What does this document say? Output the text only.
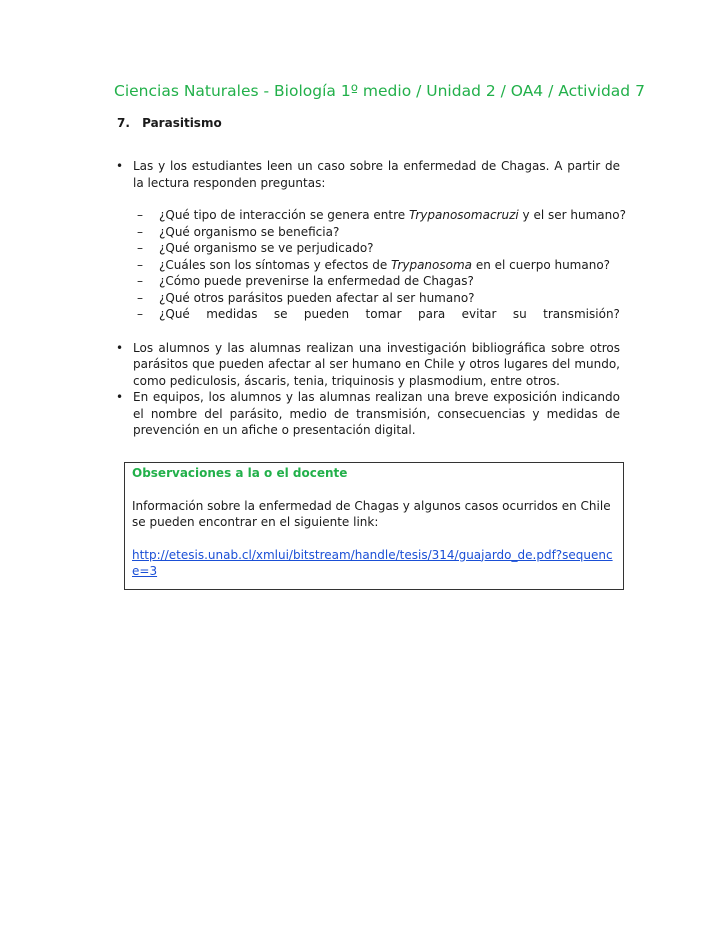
Ciencias Naturales - Biología 1º medio / Unidad 2 / OA4 / Actividad 7
7. Parasitismo
• Las y los estudiantes leen un caso sobre la enfermedad de Chagas. A partir de la lectura responden preguntas:
– ¿Qué tipo de interacción se genera entre Trypanosomacruzi y el ser humano?
– ¿Qué organismo se beneficia?
– ¿Qué organismo se ve perjudicado?
– ¿Cuáles son los síntomas y efectos de Trypanosoma en el cuerpo humano?
– ¿Cómo puede prevenirse la enfermedad de Chagas?
– ¿Qué otros parásitos pueden afectar al ser humano?
– ¿Qué medidas se pueden tomar para evitar su transmisión?
• Los alumnos y las alumnas realizan una investigación bibliográfica sobre otros parásitos que pueden afectar al ser humano en Chile y otros lugares del mundo, como pediculosis, áscaris, tenia, triquinosis y plasmodium, entre otros.
• En equipos, los alumnos y las alumnas realizan una breve exposición indicando el nombre del parásito, medio de transmisión, consecuencias y medidas de prevención en un afiche o presentación digital.
Observaciones a la o el docente
Información sobre la enfermedad de Chagas y algunos casos ocurridos en Chile se pueden encontrar en el siguiente link:
http://etesis.unab.cl/xmlui/bitstream/handle/tesis/314/guajardo_de.pdf?sequence=3
